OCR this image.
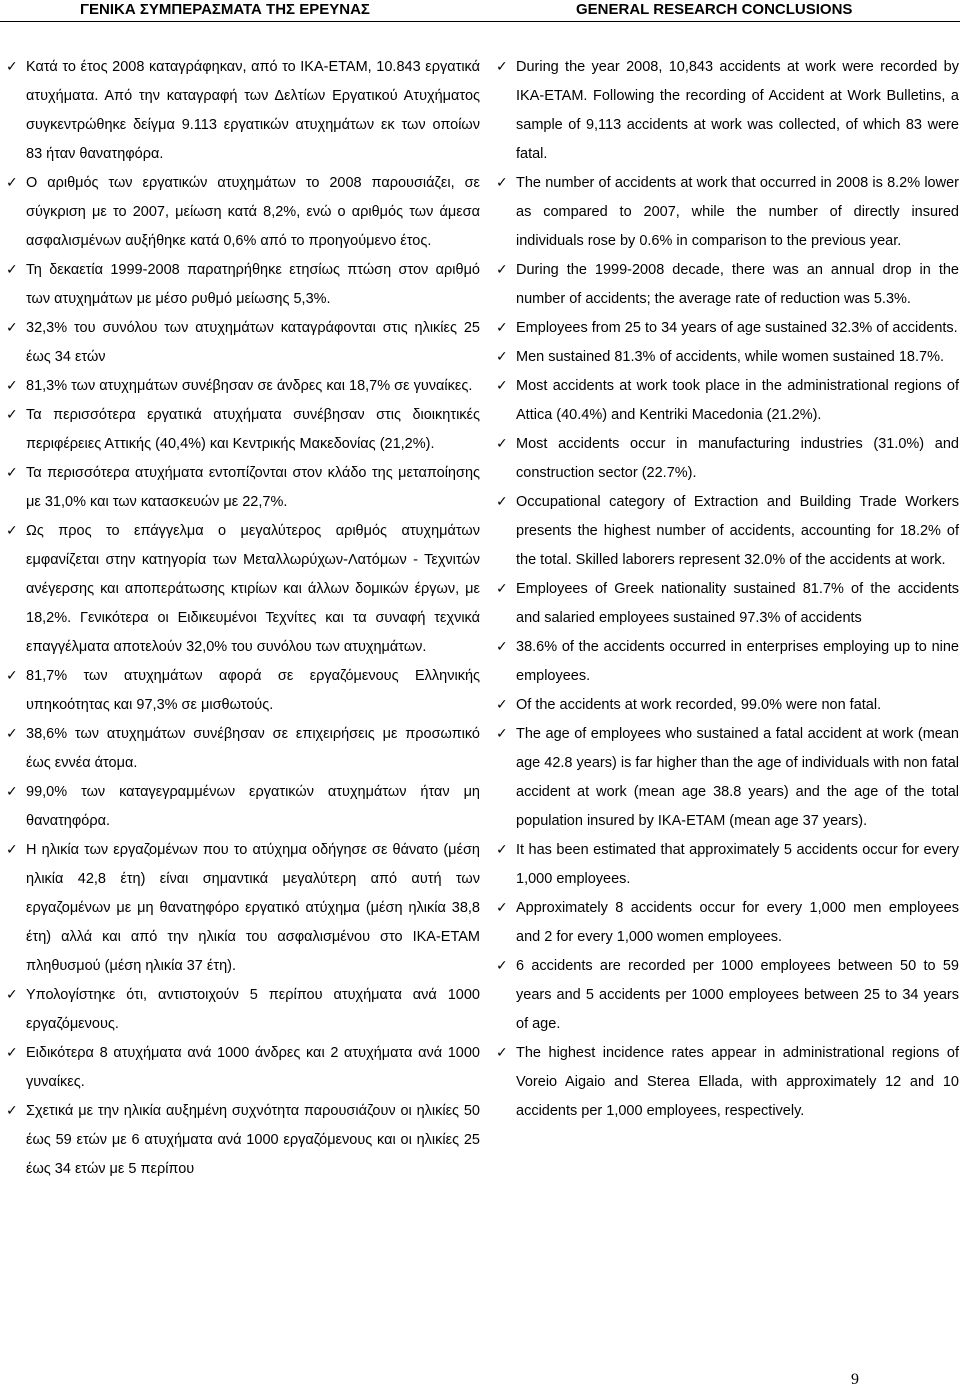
ΓΕΝΙΚΑ ΣΥΜΠΕΡΑΣΜΑΤΑ ΤΗΣ ΕΡΕΥΝΑΣ	GENERAL RESEARCH CONCLUSIONS
✓ Κατά το έτος 2008 καταγράφηκαν, από το ΙΚΑ-ΕΤΑΜ, 10.843 εργατικά ατυχήματα. Από την καταγραφή των Δελτίων Εργατικού Ατυχήματος συγκεντρώθηκε δείγμα 9.113 εργατικών ατυχημάτων εκ των οποίων 83 ήταν θανατηφόρα.
✓ Ο αριθμός των εργατικών ατυχημάτων το 2008 παρουσιάζει, σε σύγκριση με το 2007, μείωση κατά 8,2%, ενώ ο αριθμός των άμεσα ασφαλισμένων αυξήθηκε κατά 0,6% από το προηγούμενο έτος.
✓ Τη δεκαετία 1999-2008 παρατηρήθηκε ετησίως πτώση στον αριθμό των ατυχημάτων με μέσο ρυθμό μείωσης 5,3%.
✓ 32,3% του συνόλου των ατυχημάτων καταγράφονται στις ηλικίες 25 έως 34 ετών
✓ 81,3% των ατυχημάτων συνέβησαν σε άνδρες και 18,7% σε γυναίκες.
✓ Τα περισσότερα εργατικά ατυχήματα συνέβησαν στις διοικητικές περιφέρειες Αττικής (40,4%) και Κεντρικής Μακεδονίας (21,2%).
✓ Τα περισσότερα ατυχήματα εντοπίζονται στον κλάδο της μεταποίησης με 31,0% και των κατασκευών με 22,7%.
✓ Ως προς το επάγγελμα ο μεγαλύτερος αριθμός ατυχημάτων εμφανίζεται στην κατηγορία των Μεταλλωρύχων-Λατόμων - Τεχνιτών ανέγερσης και αποπεράτωσης κτιρίων και άλλων δομικών έργων, με 18,2%. Γενικότερα οι Ειδικευμένοι Τεχνίτες και τα συναφή τεχνικά επαγγέλματα αποτελούν 32,0% του συνόλου των ατυχημάτων.
✓ 81,7% των ατυχημάτων αφορά σε εργαζόμενους Ελληνικής υπηκοότητας και 97,3% σε μισθωτούς.
✓ 38,6% των ατυχημάτων συνέβησαν σε επιχειρήσεις με προσωπικό έως εννέα άτομα.
✓ 99,0% των καταγεγραμμένων εργατικών ατυχημάτων ήταν μη θανατηφόρα.
✓ Η ηλικία των εργαζομένων που το ατύχημα οδήγησε σε θάνατο (μέση ηλικία 42,8 έτη) είναι σημαντικά μεγαλύτερη από αυτή των εργαζομένων με μη θανατηφόρο εργατικό ατύχημα (μέση ηλικία 38,8 έτη) αλλά και από την ηλικία του ασφαλισμένου στο ΙΚΑ-ΕΤΑΜ πληθυσμού (μέση ηλικία 37 έτη).
✓ Υπολογίστηκε ότι, αντιστοιχούν 5 περίπου ατυχήματα ανά 1000 εργαζόμενους.
✓ Ειδικότερα 8 ατυχήματα ανά 1000 άνδρες και 2 ατυχήματα ανά 1000 γυναίκες.
✓ Σχετικά με την ηλικία αυξημένη συχνότητα παρουσιάζουν οι ηλικίες 50 έως 59 ετών με 6 ατυχήματα ανά 1000 εργαζόμενους και οι ηλικίες 25 έως 34 ετών με 5 περίπου
✓ During the year 2008, 10,843 accidents at work were recorded by IKA-ETAM. Following the recording of Accident at Work Bulletins, a sample of 9,113 accidents at work was collected, of which 83 were fatal.
✓ The number of accidents at work that occurred in 2008 is 8.2% lower as compared to 2007, while the number of directly insured individuals rose by 0.6% in comparison to the previous year.
✓ During the 1999-2008 decade, there was an annual drop in the number of accidents; the average rate of reduction was 5.3%.
✓ Employees from 25 to 34 years of age sustained 32.3% of accidents.
✓ Men sustained 81.3% of accidents, while women sustained 18.7%.
✓ Most accidents at work took place in the administrational regions of Attica (40.4%) and Kentriki Macedonia (21.2%).
✓ Most accidents occur in manufacturing industries (31.0%) and construction sector (22.7%).
✓ Occupational category of Extraction and Building Trade Workers presents the highest number of accidents, accounting for 18.2% of the total. Skilled laborers represent 32.0% of the accidents at work.
✓ Employees of Greek nationality sustained 81.7% of the accidents and salaried employees sustained 97.3% of accidents
✓ 38.6% of the accidents occurred in enterprises employing up to nine employees.
✓ Of the accidents at work recorded, 99.0% were non fatal.
✓ The age of employees who sustained a fatal accident at work (mean age 42.8 years) is far higher than the age of individuals with non fatal accident at work (mean age 38.8 years) and the age of the total population insured by IKA-ETAM (mean age 37 years).
✓ It has been estimated that approximately 5 accidents occur for every 1,000 employees.
✓ Approximately 8 accidents occur for every 1,000 men employees and 2 for every 1,000 women employees.
✓ 6 accidents are recorded per 1000 employees between 50 to 59 years and 5 accidents per 1000 employees between 25 to 34 years of age.
✓ The highest incidence rates appear in administrational regions of Voreio Aigaio and Sterea Ellada, with approximately 12 and 10 accidents per 1,000 employees, respectively.
9
